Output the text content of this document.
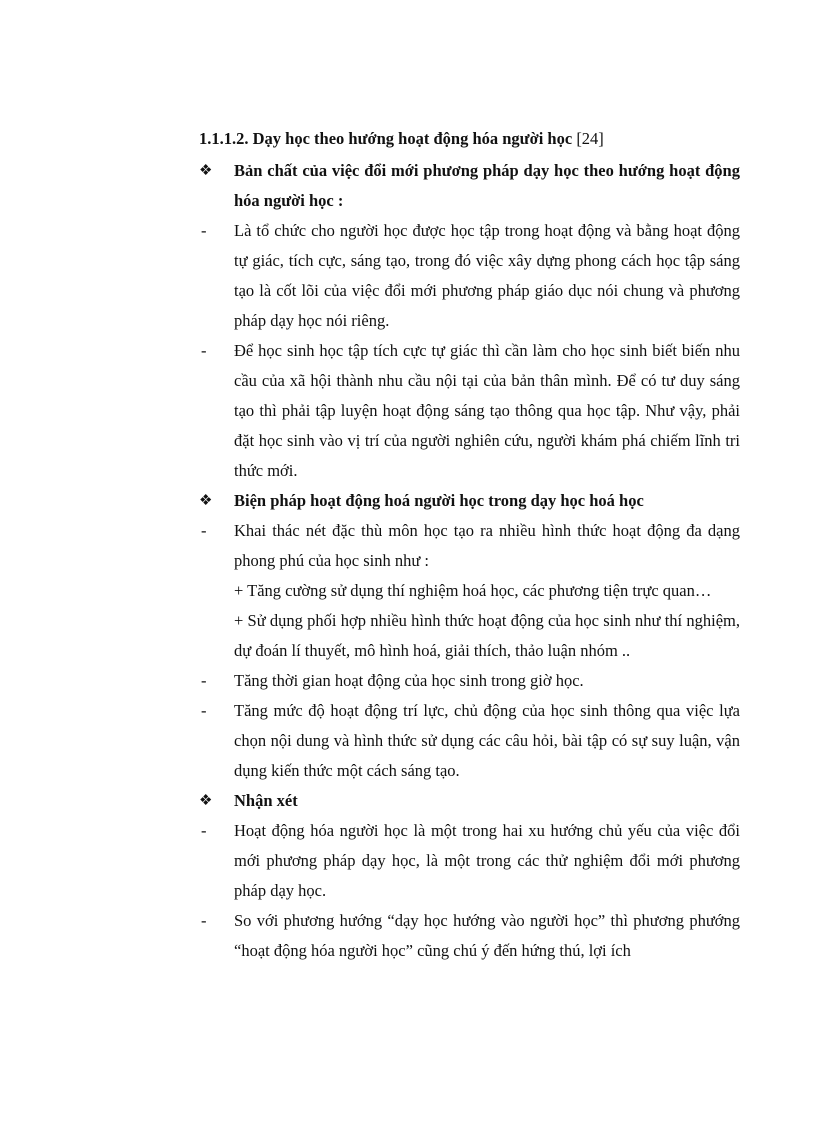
1.1.1.2. Dạy học theo hướng hoạt động hóa người học [24]
❖	Bản chất của việc đổi mới phương pháp dạy học theo hướng hoạt động hóa người học :
-	Là tổ chức cho người học được học tập trong hoạt động và bằng hoạt động tự giác, tích cực, sáng tạo, trong đó việc xây dựng phong cách học tập sáng tạo là cốt lõi của việc đổi mới phương pháp giáo dục nói chung và phương pháp dạy học nói riêng.
-	Để học sinh học tập tích cực tự giác thì cần làm cho học sinh biết biến nhu cầu của xã hội thành nhu cầu nội tại của bản thân mình. Để có tư duy sáng tạo thì phải tập luyện hoạt động sáng tạo thông qua học tập. Như vậy, phải đặt học sinh vào vị trí của người nghiên cứu, người khám phá chiếm lĩnh tri thức mới.
❖	Biện pháp hoạt động hoá người học trong dạy học hoá học
-	Khai thác nét đặc thù môn học tạo ra nhiều hình thức hoạt động đa dạng phong phú của học sinh như :
+ Tăng cường sử dụng thí nghiệm hoá học, các phương tiện trực quan…
+ Sử dụng phối hợp nhiều hình thức hoạt động của học sinh như thí nghiệm, dự đoán lí thuyết, mô hình hoá, giải thích, thảo luận nhóm ..
-	Tăng thời gian hoạt động của học sinh trong giờ học.
-	Tăng mức độ hoạt động trí lực, chủ động của học sinh thông qua việc lựa chọn nội dung và hình thức sử dụng các câu hỏi, bài tập có sự suy luận, vận dụng kiến thức một cách sáng tạo.
❖	Nhận xét
-	Hoạt động hóa người học là một trong hai xu hướng chủ yếu của việc đổi mới phương pháp dạy học, là một trong các thử nghiệm đổi mới phương pháp dạy học.
-	So với phương hướng “dạy học hướng vào người học” thì phương phướng “hoạt động hóa người học” cũng chú ý đến hứng thú, lợi ích
